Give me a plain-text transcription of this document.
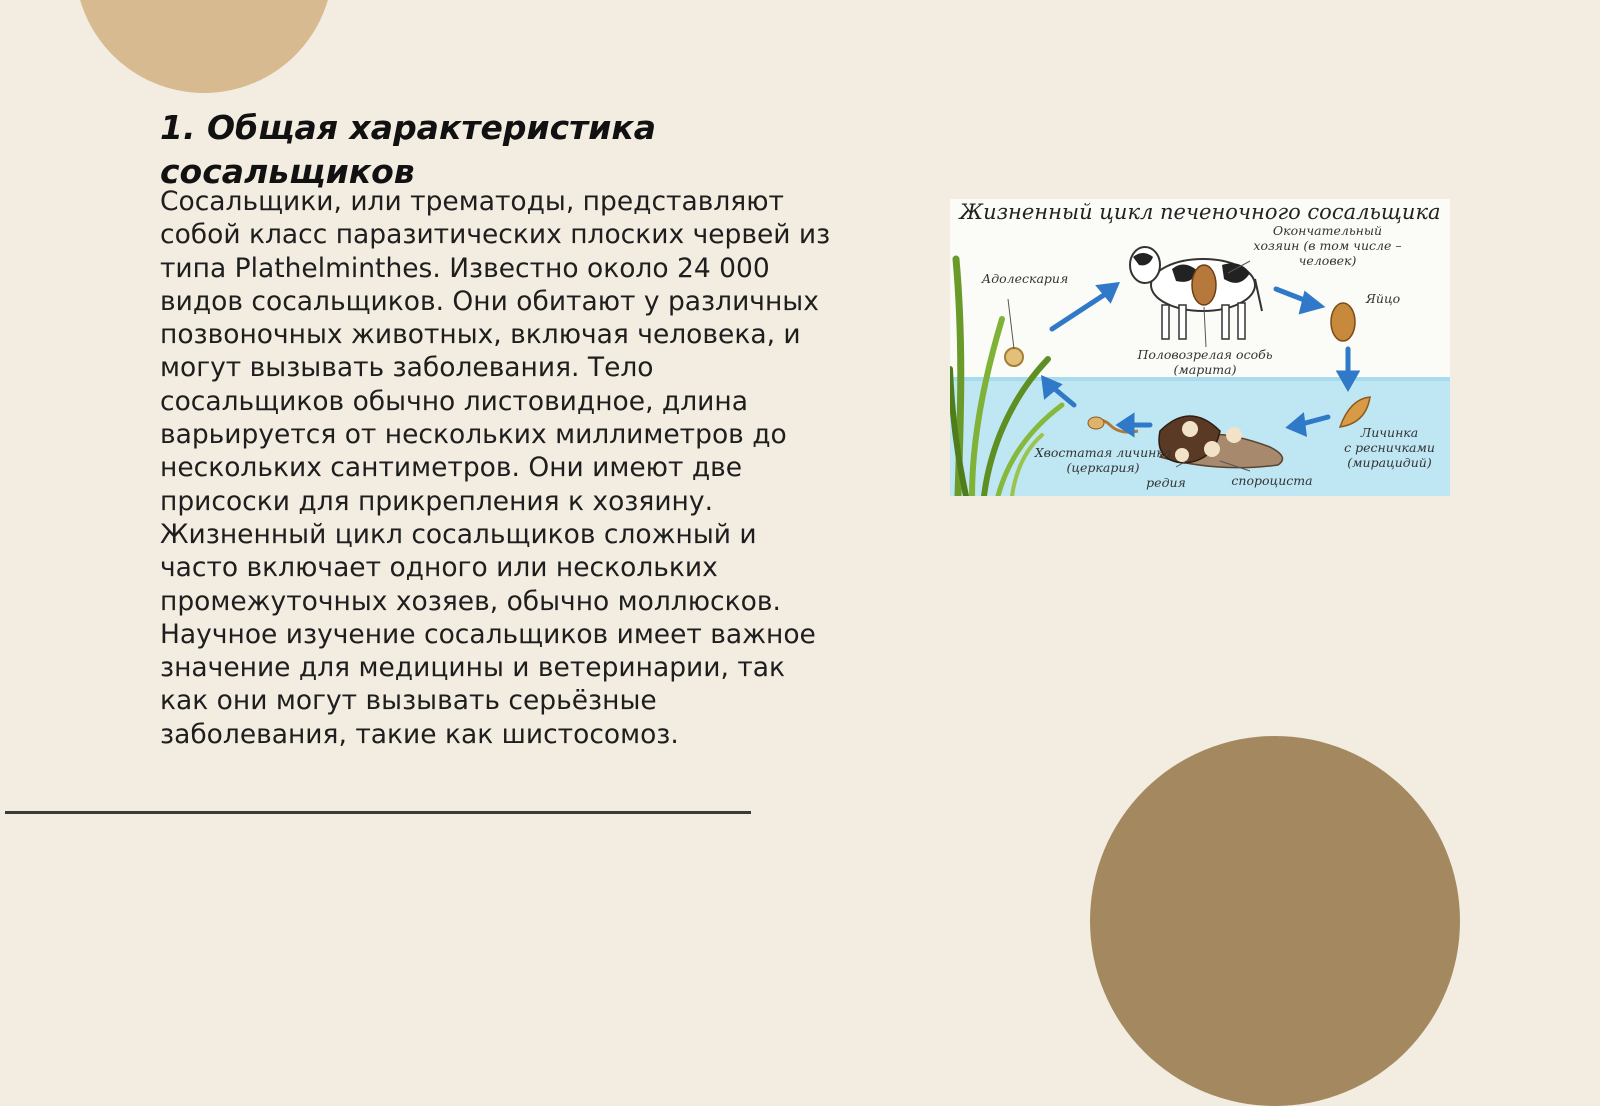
1. Общая характеристика сосальщиков

Сосальщики, или трематоды, представляют собой класс паразитических плоских червей из типа Plathelminthes. Известно около 24 000 видов сосальщиков. Они обитают у различных позвоночных животных, включая человека, и могут вызывать заболевания. Тело сосальщиков обычно листовидное, длина варьируется от нескольких миллиметров до нескольких сантиметров. Они имеют две присоски для прикрепления к хозяину. Жизненный цикл сосальщиков сложный и часто включает одного или нескольких промежуточных хозяев, обычно моллюсков. Научное изучение сосальщиков имеет важное значение для медицины и ветеринарии, так как они могут вызывать серьёзные заболевания, такие как шистосомоз.

Жизненный цикл печеночного сосальщика
Окончательный
хозяин (в том числе –
человек)
Яйцо
Адолескария
Половозрелая особь
(марита)
Личинка
с ресничками
(мирацидий)
Хвостатая личинка
(церкария)
редия	спороциста
